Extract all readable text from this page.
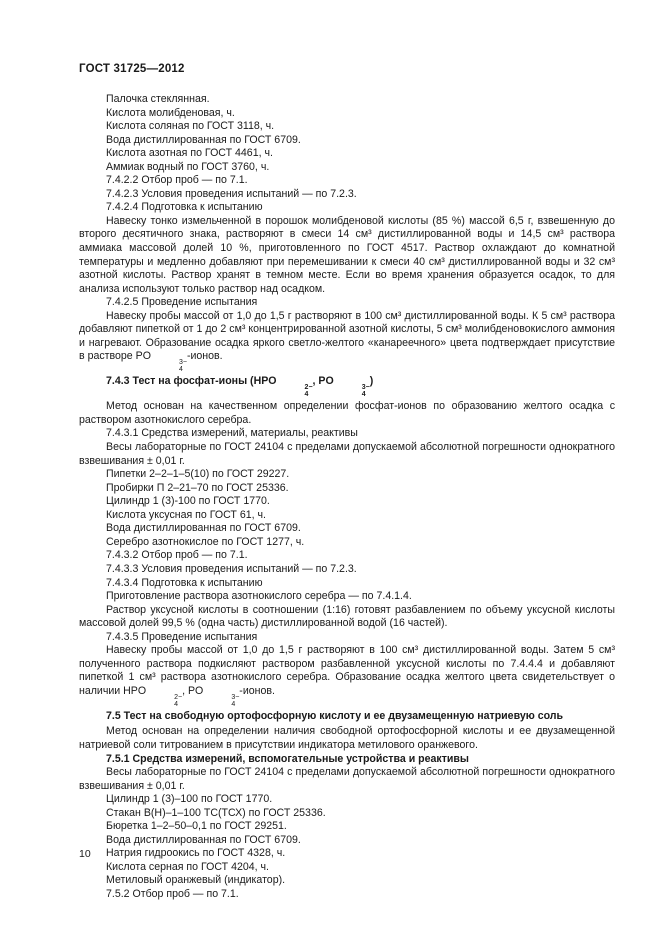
ГОСТ 31725—2012

Палочка стеклянная.

Кислота молибденовая, ч.

Кислота соляная по ГОСТ 3118, ч.

Вода дистиллированная по ГОСТ 6709.

Кислота азотная по ГОСТ 4461, ч.

Аммиак водный по ГОСТ 3760, ч.

7.4.2.2 Отбор проб — по 7.1.

7.4.2.3 Условия проведения испытаний — по 7.2.3.

7.4.2.4 Подготовка к испытанию

Навеску тонко измельченной в порошок молибденовой кислоты (85 %) массой 6,5 г, взвешенную до второго десятичного знака, растворяют в смеси 14 см³ дистиллированной воды и 14,5 см³ раствора аммиака массовой долей 10 %, приготовленного по ГОСТ 4517. Раствор охлаждают до комнатной температуры и медленно добавляют при перемешивании к смеси 40 см³ дистиллированной воды и 32 см³ азотной кислоты. Раствор хранят в темном месте. Если во время хранения образуется осадок, то для анализа используют только раствор над осадком.

7.4.2.5 Проведение испытания

Навеску пробы массой от 1,0 до 1,5 г растворяют в 100 см³ дистиллированной воды. К 5 см³ раствора добавляют пипеткой от 1 до 2 см³ концентрированной азотной кислоты, 5 см³ молибденовокислого аммония и нагревают. Образование осадка яркого светло-желтого «канареечного» цвета подтверждает присутствие в растворе PO
3−
4
-ионов.

7.4.3 Тест на фосфат-ионы (HPO
2−
4
, PO
3−
4
)

Метод основан на качественном определении фосфат-ионов по образованию желтого осадка с раствором азотнокислого серебра.

7.4.3.1 Средства измерений, материалы, реактивы

Весы лабораторные по ГОСТ 24104 с пределами допускаемой абсолютной погрешности однократного взвешивания ± 0,01 г.

Пипетки 2–2–1–5(10) по ГОСТ 29227.

Пробирки П 2–21–70 по ГОСТ 25336.

Цилиндр 1 (3)-100 по ГОСТ 1770.

Кислота уксусная по ГОСТ 61, ч.

Вода дистиллированная по ГОСТ 6709.

Серебро азотнокислое по ГОСТ 1277, ч.

7.4.3.2 Отбор проб — по 7.1.

7.4.3.3 Условия проведения испытаний — по 7.2.3.

7.4.3.4 Подготовка к испытанию

Приготовление раствора азотнокислого серебра — по 7.4.1.4.

Раствор уксусной кислоты в соотношении (1:16) готовят разбавлением по объему уксусной кислоты массовой долей 99,5 % (одна часть) дистиллированной водой (16 частей).

7.4.3.5 Проведение испытания

Навеску пробы массой от 1,0 до 1,5 г растворяют в 100 см³ дистиллированной воды. Затем 5 см³ полученного раствора подкисляют раствором разбавленной уксусной кислоты по 7.4.4.4 и добавляют пипеткой 1 см³ раствора азотнокислого серебра. Образование осадка желтого цвета свидетельствует о наличии HPO
2−
4
, PO
3−
4
-ионов.

7.5 Тест на свободную ортофосфорную кислоту и ее двузамещенную натриевую соль

Метод основан на определении наличия свободной ортофосфорной кислоты и ее двузамещенной натриевой соли титрованием в присутствии индикатора метилового оранжевого.

7.5.1 Средства измерений, вспомогательные устройства и реактивы

Весы лабораторные по ГОСТ 24104 с пределами допускаемой абсолютной погрешности однократного взвешивания ± 0,01 г.

Цилиндр 1 (3)–100 по ГОСТ 1770.

Стакан В(Н)–1–100 ТС(ТСХ) по ГОСТ 25336.

Бюретка 1–2–50–0,1 по ГОСТ 29251.

Вода дистиллированная по ГОСТ 6709.

Натрия гидроокись по ГОСТ 4328, ч.

Кислота серная по ГОСТ 4204, ч.

Метиловый оранжевый (индикатор).

7.5.2 Отбор проб — по 7.1.

10
